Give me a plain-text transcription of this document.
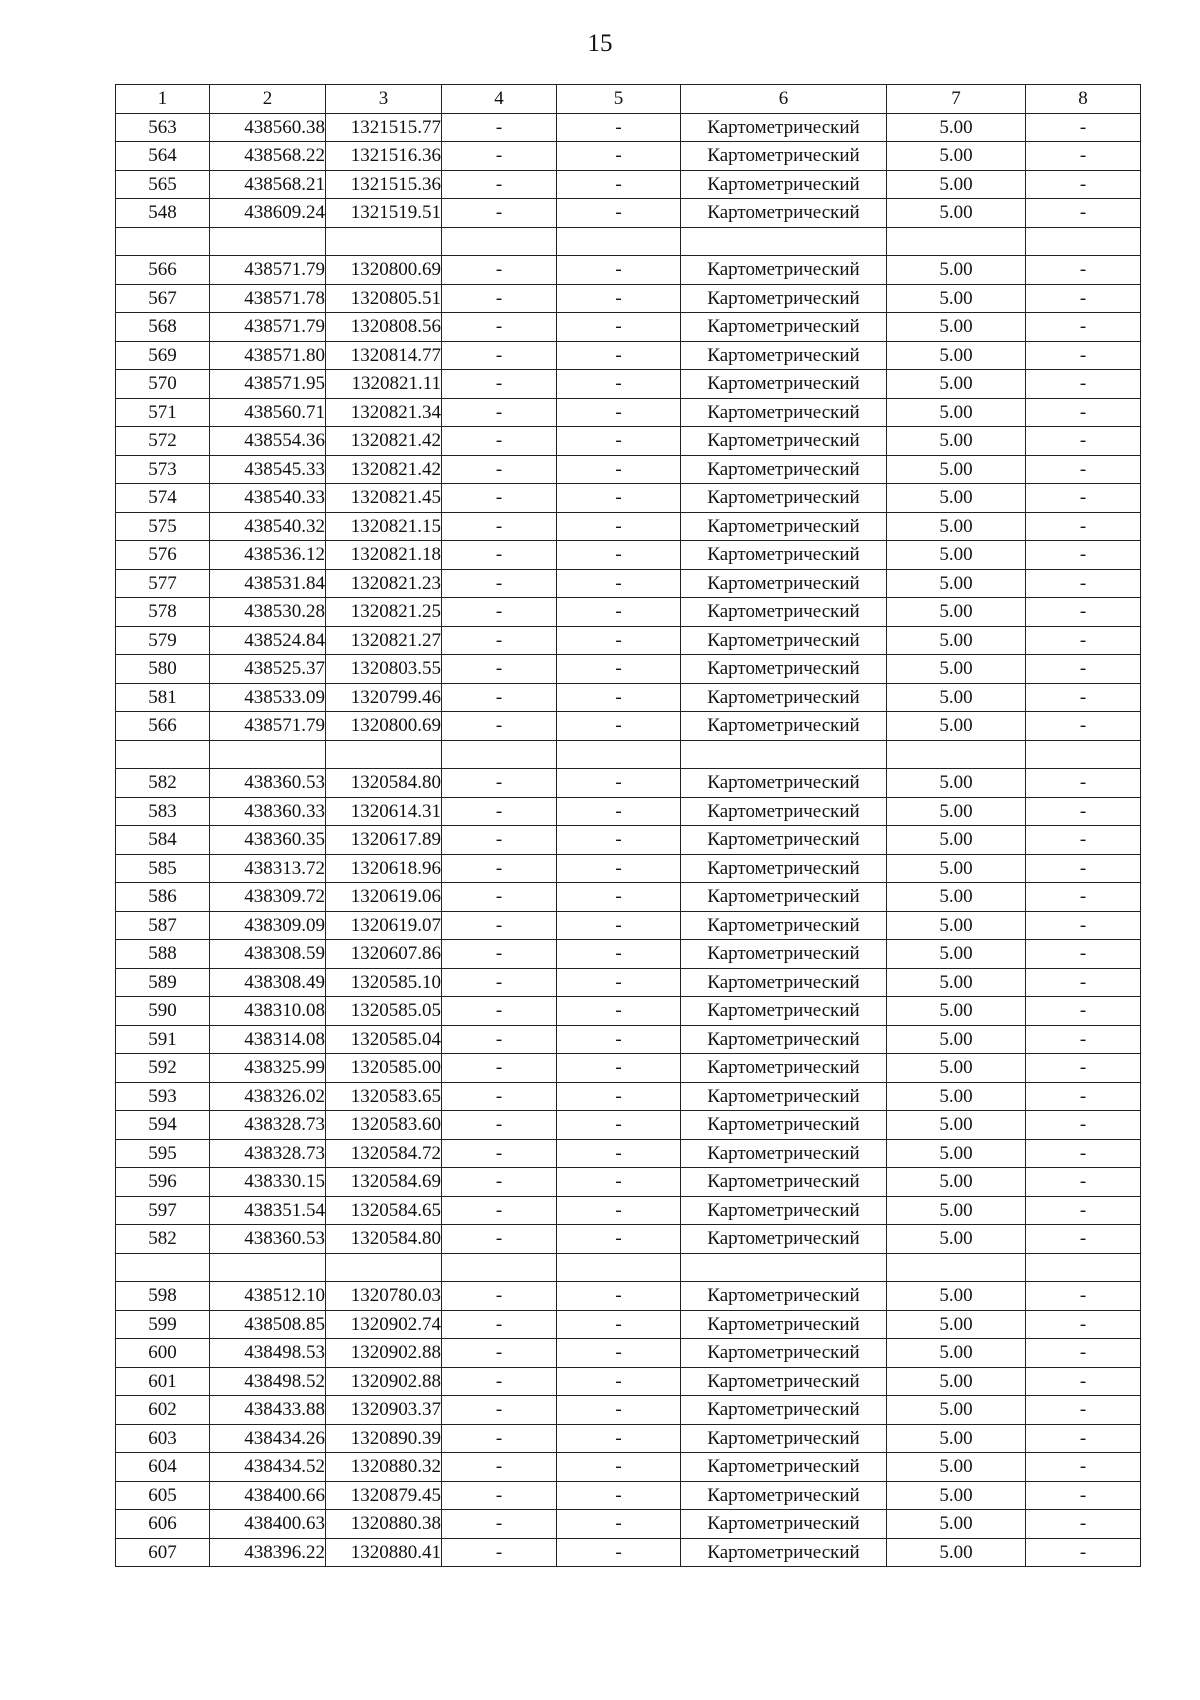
15
1	2	3	4	5	6	7	8
563	438560.38	1321515.77	-	-	Картометрический	5.00	-
564	438568.22	1321516.36	-	-	Картометрический	5.00	-
565	438568.21	1321515.36	-	-	Картометрический	5.00	-
548	438609.24	1321519.51	-	-	Картометрический	5.00	-

566	438571.79	1320800.69	-	-	Картометрический	5.00	-
567	438571.78	1320805.51	-	-	Картометрический	5.00	-
568	438571.79	1320808.56	-	-	Картометрический	5.00	-
569	438571.80	1320814.77	-	-	Картометрический	5.00	-
570	438571.95	1320821.11	-	-	Картометрический	5.00	-
571	438560.71	1320821.34	-	-	Картометрический	5.00	-
572	438554.36	1320821.42	-	-	Картометрический	5.00	-
573	438545.33	1320821.42	-	-	Картометрический	5.00	-
574	438540.33	1320821.45	-	-	Картометрический	5.00	-
575	438540.32	1320821.15	-	-	Картометрический	5.00	-
576	438536.12	1320821.18	-	-	Картометрический	5.00	-
577	438531.84	1320821.23	-	-	Картометрический	5.00	-
578	438530.28	1320821.25	-	-	Картометрический	5.00	-
579	438524.84	1320821.27	-	-	Картометрический	5.00	-
580	438525.37	1320803.55	-	-	Картометрический	5.00	-
581	438533.09	1320799.46	-	-	Картометрический	5.00	-
566	438571.79	1320800.69	-	-	Картометрический	5.00	-

582	438360.53	1320584.80	-	-	Картометрический	5.00	-
583	438360.33	1320614.31	-	-	Картометрический	5.00	-
584	438360.35	1320617.89	-	-	Картометрический	5.00	-
585	438313.72	1320618.96	-	-	Картометрический	5.00	-
586	438309.72	1320619.06	-	-	Картометрический	5.00	-
587	438309.09	1320619.07	-	-	Картометрический	5.00	-
588	438308.59	1320607.86	-	-	Картометрический	5.00	-
589	438308.49	1320585.10	-	-	Картометрический	5.00	-
590	438310.08	1320585.05	-	-	Картометрический	5.00	-
591	438314.08	1320585.04	-	-	Картометрический	5.00	-
592	438325.99	1320585.00	-	-	Картометрический	5.00	-
593	438326.02	1320583.65	-	-	Картометрический	5.00	-
594	438328.73	1320583.60	-	-	Картометрический	5.00	-
595	438328.73	1320584.72	-	-	Картометрический	5.00	-
596	438330.15	1320584.69	-	-	Картометрический	5.00	-
597	438351.54	1320584.65	-	-	Картометрический	5.00	-
582	438360.53	1320584.80	-	-	Картометрический	5.00	-

598	438512.10	1320780.03	-	-	Картометрический	5.00	-
599	438508.85	1320902.74	-	-	Картометрический	5.00	-
600	438498.53	1320902.88	-	-	Картометрический	5.00	-
601	438498.52	1320902.88	-	-	Картометрический	5.00	-
602	438433.88	1320903.37	-	-	Картометрический	5.00	-
603	438434.26	1320890.39	-	-	Картометрический	5.00	-
604	438434.52	1320880.32	-	-	Картометрический	5.00	-
605	438400.66	1320879.45	-	-	Картометрический	5.00	-
606	438400.63	1320880.38	-	-	Картометрический	5.00	-
607	438396.22	1320880.41	-	-	Картометрический	5.00	-
